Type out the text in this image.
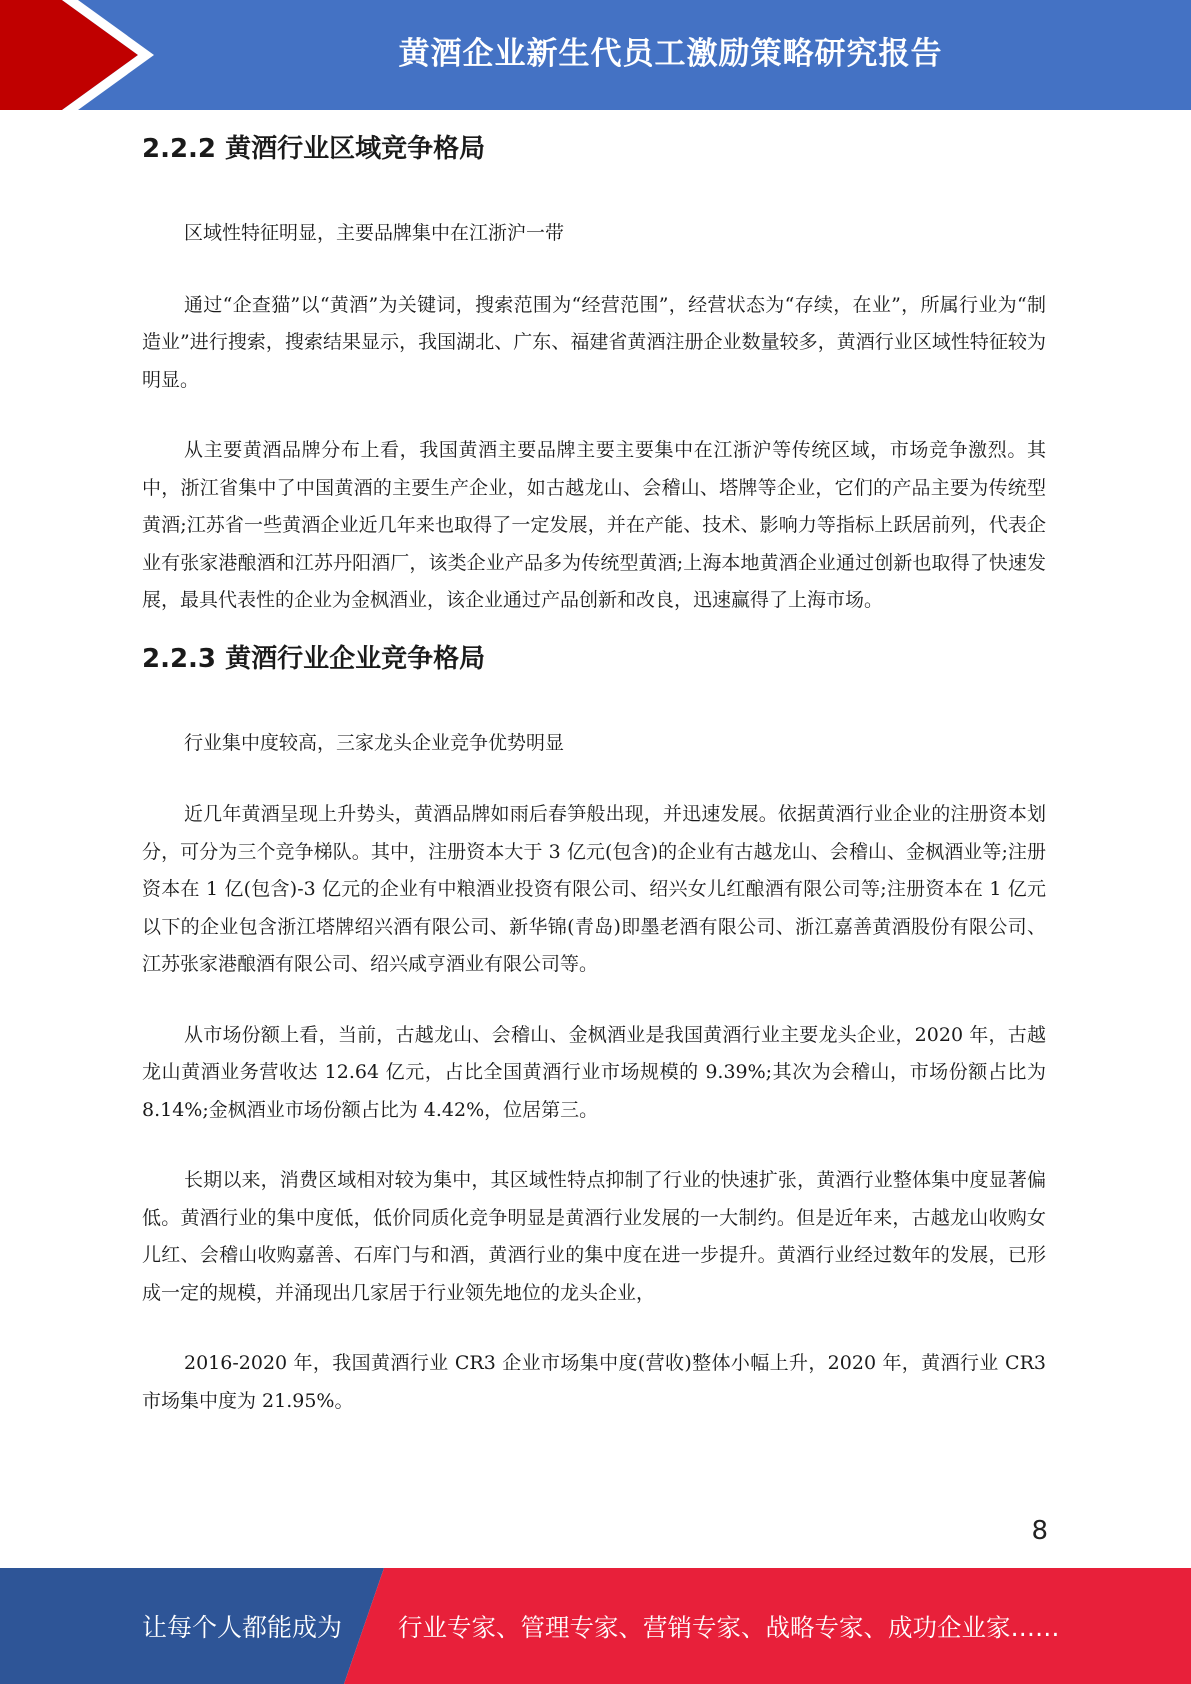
黄酒企业新生代员工激励策略研究报告
2.2.2 黄酒行业区域竞争格局

区域性特征明显，主要品牌集中在江浙沪一带

通过“企查猫”以“黄酒”为关键词，搜索范围为“经营范围”，经营状态为“存续，在业”，所属行业为“制造业”进行搜索，搜索结果显示，我国湖北、广东、福建省黄酒注册企业数量较多，黄酒行业区域性特征较为明显。

从主要黄酒品牌分布上看，我国黄酒主要品牌主要主要集中在江浙沪等传统区域，市场竞争激烈。其中，浙江省集中了中国黄酒的主要生产企业，如古越龙山、会稽山、塔牌等企业，它们的产品主要为传统型黄酒;江苏省一些黄酒企业近几年来也取得了一定发展，并在产能、技术、影响力等指标上跃居前列，代表企业有张家港酿酒和江苏丹阳酒厂，该类企业产品多为传统型黄酒;上海本地黄酒企业通过创新也取得了快速发展，最具代表性的企业为金枫酒业，该企业通过产品创新和改良，迅速赢得了上海市场。

2.2.3 黄酒行业企业竞争格局

行业集中度较高，三家龙头企业竞争优势明显

近几年黄酒呈现上升势头，黄酒品牌如雨后春笋般出现，并迅速发展。依据黄酒行业企业的注册资本划分，可分为三个竞争梯队。其中，注册资本大于 3 亿元(包含)的企业有古越龙山、会稽山、金枫酒业等;注册资本在 1 亿(包含)-3 亿元的企业有中粮酒业投资有限公司、绍兴女儿红酿酒有限公司等;注册资本在 1 亿元以下的企业包含浙江塔牌绍兴酒有限公司、新华锦(青岛)即墨老酒有限公司、浙江嘉善黄酒股份有限公司、江苏张家港酿酒有限公司、绍兴咸亨酒业有限公司等。

从市场份额上看，当前，古越龙山、会稽山、金枫酒业是我国黄酒行业主要龙头企业，2020 年，古越龙山黄酒业务营收达 12.64 亿元，占比全国黄酒行业市场规模的 9.39%;其次为会稽山，市场份额占比为 8.14%;金枫酒业市场份额占比为 4.42%，位居第三。

长期以来，消费区域相对较为集中，其区域性特点抑制了行业的快速扩张，黄酒行业整体集中度显著偏低。黄酒行业的集中度低，低价同质化竞争明显是黄酒行业发展的一大制约。但是近年来，古越龙山收购女儿红、会稽山收购嘉善、石库门与和酒，黄酒行业的集中度在进一步提升。黄酒行业经过数年的发展，已形成一定的规模，并涌现出几家居于行业领先地位的龙头企业，

2016-2020 年，我国黄酒行业 CR3 企业市场集中度(营收)整体小幅上升，2020 年，黄酒行业 CR3 市场集中度为 21.95%。

8
让每个人都能成为 行业专家、管理专家、营销专家、战略专家、成功企业家……
